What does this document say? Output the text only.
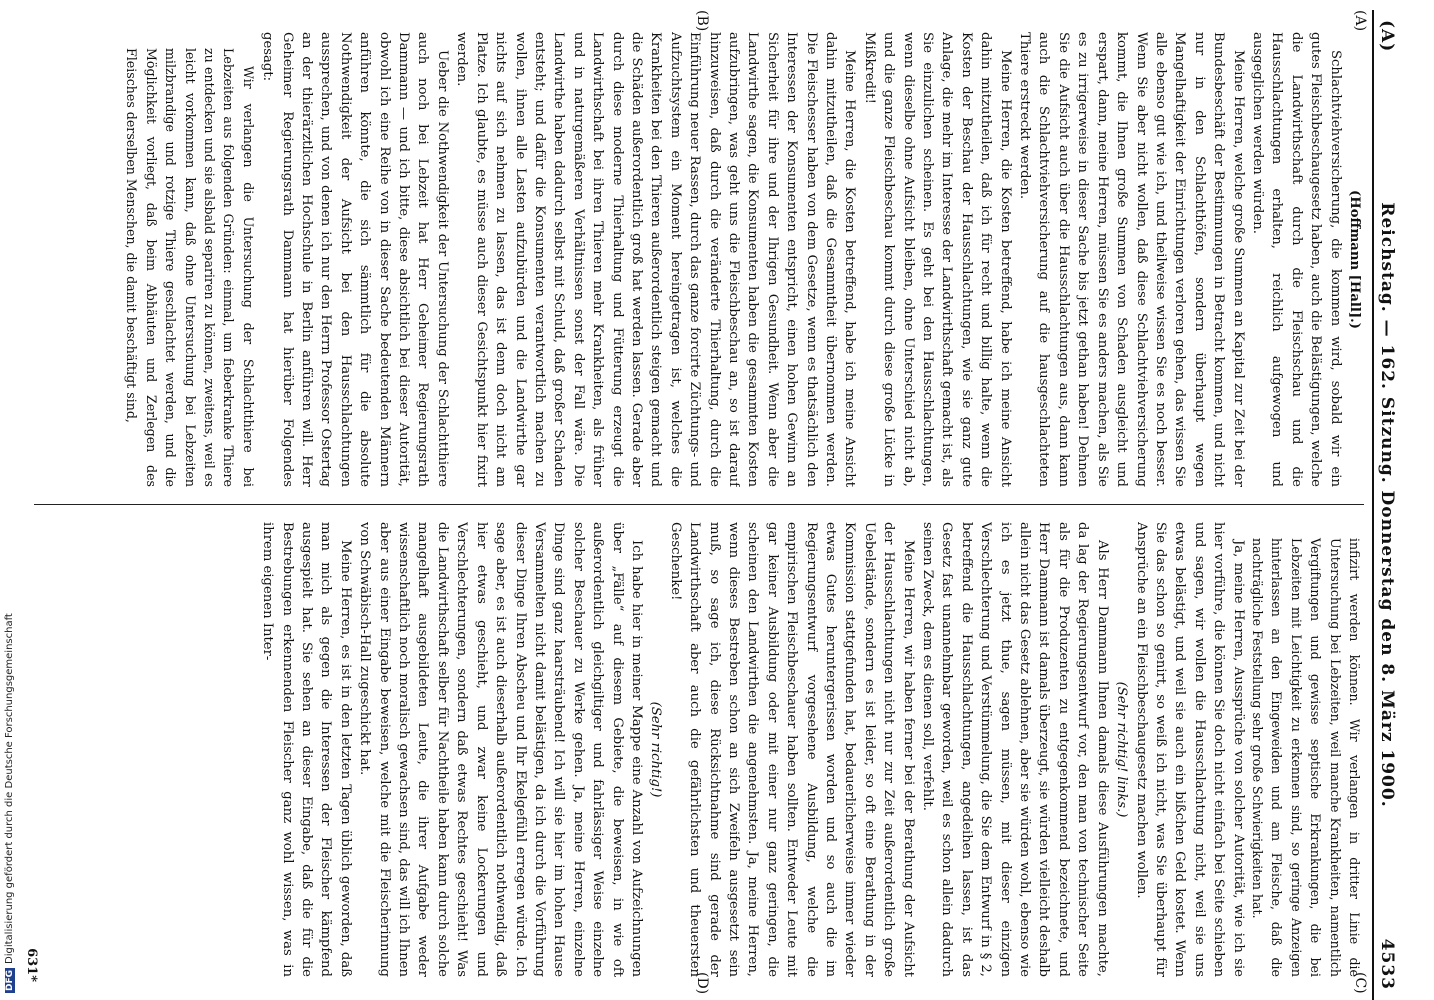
DFGDigitalisierung gefördert durch die Deutsche Forschungsgemeinschaft
(A)
Reichstag. — 162. Sitzung. Donnerstag den 8. März 1900.
4533

(Hoffmann [Hall].)

Schlachtviehversicherung, die kommen wird, sobald wir ein gutes Fleischbeschaugesetz haben, auch die Belästigungen, welche die Landwirthschaft durch die Fleischschau und die Hausschlachtungen erhalten, reichlich aufgewogen und ausgeglichen werden würden.

Meine Herren, welche große Summen an Kapital zur Zeit bei der Bundesbeschäft der Bestimmungen in Betracht kommen, und nicht nur in den Schlachthöfen, sondern überhaupt wegen Mangelhaftigkeit der Einrichtungen verloren gehen, das wissen Sie alle ebenso gut wie ich, und theilweise wissen Sie es noch besser. Wenn Sie aber nicht wollen, daß diese Schlachtviehversicherung kommt, die Ihnen große Summen von Schaden ausgleicht und erspart, dann, meine Herren, müssen Sie es anders machen, als Sie es zu irrigerweise in dieser Sache bis jetzt gethan haben! Dehnen Sie die Aufsicht auch über die Hausschlachtungen aus, dann kann auch die Schlachtviehversicherung auf die hausgeschlachteten Thiere erstreckt werden.

Meine Herren, die Kosten betreffend, habe ich meine Ansicht dahin mitzutheilen, daß ich für recht und billig halte, wenn die Kosten der Beschau der Hausschlachtungen, wie sie ganz gute Anlage, die mehr im Interesse der Landwirthschaft gemacht ist, als Sie einzulichen scheinen. Es geht bei den Hausschlachtungen, wenn dieselbe ohne Aufsicht bleiben, ohne Unterschied nicht ab, und die ganze Fleischbeschau kommt durch diese große Lücke in Mißkredit!

Meine Herren, die Kosten betreffend, habe ich meine Ansicht dahin mitzutheilen, daß die Gesammtheit übernommen werden. Die Fleischesser haben von dem Gesetze, wenn es thatsächlich den Interessen der Konsumenten entspricht, einen hohen Gewinn an Sicherheit für ihre und der Ihrigen Gesundheit. Wenn aber die Landwirthe sagen, die Konsumenten haben die gesammten Kosten aufzubringen, was geht uns die Fleischbeschau an, so ist darauf hinzuweisen, daß durch die veränderte Thierhaltung, durch die Einführung neuer Rassen, durch das ganze forcirte Züchtungs- und Aufzuchtsystem ein Moment hereingetragen ist, welches die Krankheiten bei den Thieren außerordentlich steigen gemacht und die Schäden außerordentlich groß hat werden lassen. Gerade aber durch diese moderne Thierhaltung und Fütterung erzeugt die Landwirthschaft bei ihren Thieren mehr Krankheiten, als früher und in naturgemäßeren Verhältnissen sonst der Fall wäre. Die Landwirthe haben dadurch selbst mit Schuld, daß großer Schaden entsteht; und dafür die Konsumenten verantwortlich machen zu wollen, ihnen alle Lasten aufzubürden und die Landwirthe gar nichts auf sich nehmen zu lassen, das ist denn doch nicht am Platze. Ich glaubte, es müsse auch dieser Gesichtspunkt hier fixirt werden.

Ueber die Nothwendigkeit der Untersuchung der Schlachtthiere auch noch bei Lebzeit hat Herr Geheimer Regierungsrath Dammann — und ich bitte, diese absichtlich bei dieser Autorität, obwohl ich eine Reihe von in dieser Sache bedeutenden Männern anführen könnte, die sich sämmtlich für die absolute Nothwendigkeit der Aufsicht bei den Hausschlachtungen aussprechen, und von denen ich nur den Herrn Professor Ostertag an der thierärztlichen Hochschule in Berlin anführen will. Herr Geheimer Regierungsrath Dammann hat hierüber Folgendes gesagt:

Wir verlangen die Untersuchung der Schlachtthiere bei Lebzeiten aus folgenden Gründen: einmal, um fieberkranke Thiere zu entdecken und sie alsbald separiren zu können, zweitens, weil es leicht vorkommen kann, daß ohne Untersuchung bei Lebzeiten milzbrandige und rotzige Thiere geschlachtet werden, und die Möglichkeit vorliegt, daß beim Abhäuten und Zerlegen des Fleisches derselben Menschen, die damit beschäftigt sind,

(A)
(B)

infizirt werden können. Wir verlangen in dritter Linie die Untersuchung bei Lebzeiten, weil manche Krankheiten, namentlich Vergiftungen und gewisse septische Erkrankungen, die bei Lebzeiten mit Leichtigkeit zu erkennen sind, so geringe Anzeigen hinterlassen an den Eingeweiden und am Fleische, daß die nachträgliche Feststellung sehr große Schwierigkeiten hat.

Ja, meine Herren, Aussprüche von solcher Autorität, wie ich sie hier vorführe, die können Sie doch nicht einfach bei Seite schieben und sagen, wir wollen die Hausschlachtung nicht, weil sie uns etwas belästigt, und weil sie auch ein bißchen Geld kostet. Wenn Sie das schon so genirt, so weiß ich nicht, was Sie überhaupt für Ansprüche an ein Fleischbeschaugesetz machen wollen.

(Sehr richtig! links.)

Als Herr Dammann Ihnen damals diese Ausführungen machte, da lag der Regierungsentwurf vor, den man von technischer Seite als für die Produzenten zu entgegenkommend bezeichnete, und Herr Dammann ist damals überzeugt, sie würden vielleicht deshalb allein nicht das Gesetz ablehnen, aber sie würden wohl, ebenso wie ich es jetzt thue, sagen müssen, mit dieser einzigen Verschlechterung und Verstümmelung, die Sie dem Entwurf in § 2, betreffend die Hausschlachtungen, angedeihen lassen, ist das Gesetz fast unannehmbar geworden, weil es schon allein dadurch seinen Zweck, dem es dienen soll, verfehlt.

Meine Herren, wir haben ferner bei der Berathung der Aufsicht der Hausschlachtungen nicht nur zur Zeit außerordentlich große Uebelstände, sondern es ist leider, so oft eine Berathung in der Kommission stattgefunden hat, bedauerlicherweise immer wieder etwas Gutes heruntergerissen worden und so auch die im Regierungsentwurf vorgesehene Ausbildung, welche die empirischen Fleischbeschauer haben sollten. Entweder Leute mit gar keiner Ausbildung oder mit einer nur ganz geringen, die scheinen den Landwirthen die angenehmsten. Ja, meine Herren, wenn dieses Bestreben schon an sich Zweifeln ausgesetzt sein muß, so sage ich, diese Rücksichtnahme sind gerade der Landwirthschaft aber auch die gefährlichsten und theuersten Geschenke!

(Sehr richtig!)

Ich habe hier in meiner Mappe eine Anzahl von Aufzeichnungen über „Fälle“ auf diesem Gebiete, die beweisen, in wie oft außerordentlich gleichgiltiger und fahrlässiger Weise einzelne solcher Beschauer zu Werke gehen. Ja, meine Herren, einzelne Dinge sind ganz haarsträubend! Ich will sie hier im hohen Hause Versammelten nicht damit belästigen, da ich durch die Vorführung dieser Dinge Ihren Abscheu und Ihr Ekelgefühl erregen würde. Ich sage aber, es ist auch dieserhalb außerordentlich nothwendig, daß hier etwas geschieht, und zwar keine Lockerungen und Verschlechterungen, sondern daß etwas Rechtes geschieht! Was die Landwirthschaft selber für Nachtheile haben kann durch solche mangelhaft ausgebildeten Leute, die ihrer Aufgabe weder wissenschaftlich noch moralisch gewachsen sind, das will ich Ihnen aber aus einer Eingabe beweisen, welche mit die Fleischerinnung von Schwäbisch-Hall zugeschickt hat.

Meine Herren, es ist in den letzten Tagen üblich geworden, daß man mich als gegen die Interessen der Fleischer kämpfend ausgespielt hat. Sie sehen an dieser Eingabe, daß die für die Bestrebungen erkennenden Fleischer ganz wohl wissen, was in ihrem eigenen Inter-

(C)
(D)
631*
